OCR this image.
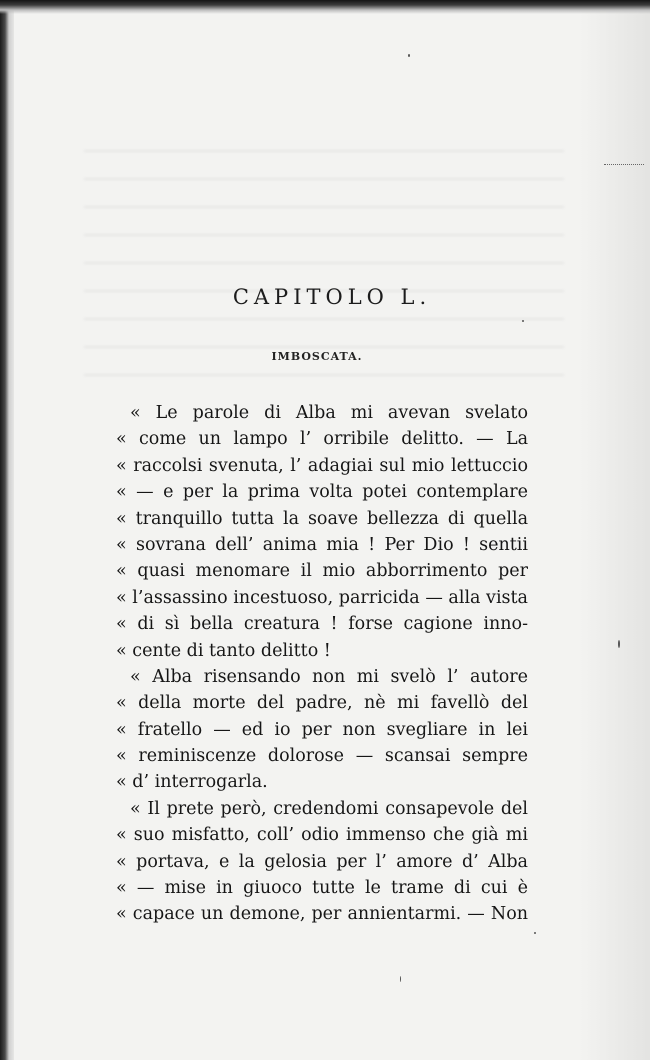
CAPITOLO L.
IMBOSCATA.
« Le parole di Alba mi avevan svelato
« come un lampo l’ orribile delitto. — La
« raccolsi svenuta, l’ adagiai sul mio lettuccio
« — e per la prima volta potei contemplare
« tranquillo tutta la soave bellezza di quella
« sovrana dell’ anima mia ! Per Dio ! sentii
« quasi menomare il mio abborrimento per
« l’assassino incestuoso, parricida — alla vista
« di sì bella creatura ! forse cagione inno-
« cente di tanto delitto !
« Alba risensando non mi svelò l’ autore
« della morte del padre, nè mi favellò del
« fratello — ed io per non svegliare in lei
« reminiscenze dolorose — scansai sempre
« d’ interrogarla.
« Il prete però, credendomi consapevole del
« suo misfatto, coll’ odio immenso che già mi
« portava, e la gelosia per l’ amore d’ Alba
« — mise in giuoco tutte le trame di cui è
« capace un demone, per annientarmi. — Non
